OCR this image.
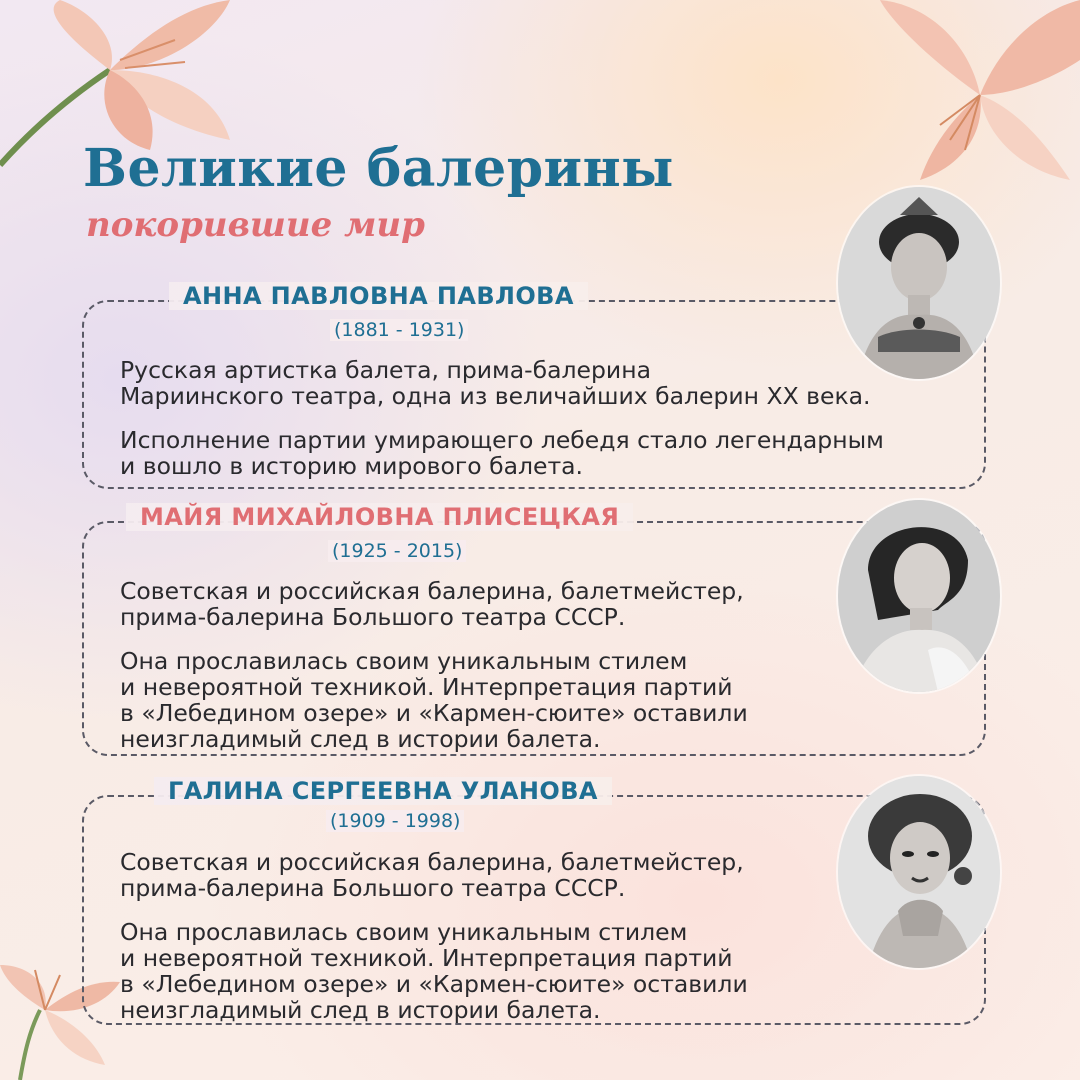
Великие балерины
покорившие мир
АННА ПАВЛОВНА ПАВЛОВА
(1881 - 1931)

Русская артистка балета, прима-балерина
Мариинского театра, одна из величайших балерин XX века.

Исполнение партии умирающего лебедя стало легендарным
и вошло в историю мирового балета.

МАЙЯ МИХАЙЛОВНА ПЛИСЕЦКАЯ
(1925 - 2015)

Советская и российская балерина, балетмейстер,
прима-балерина Большого театра СССР.

Она прославилась своим уникальным стилем
и невероятной техникой. Интерпретация партий
в «Лебедином озере» и «Кармен-сюите» оставили
неизгладимый след в истории балета.

ГАЛИНА СЕРГЕЕВНА УЛАНОВА
(1909 - 1998)

Советская и российская балерина, балетмейстер,
прима-балерина Большого театра СССР.

Она прославилась своим уникальным стилем
и невероятной техникой. Интерпретация партий
в «Лебедином озере» и «Кармен-сюите» оставили
неизгладимый след в истории балета.
